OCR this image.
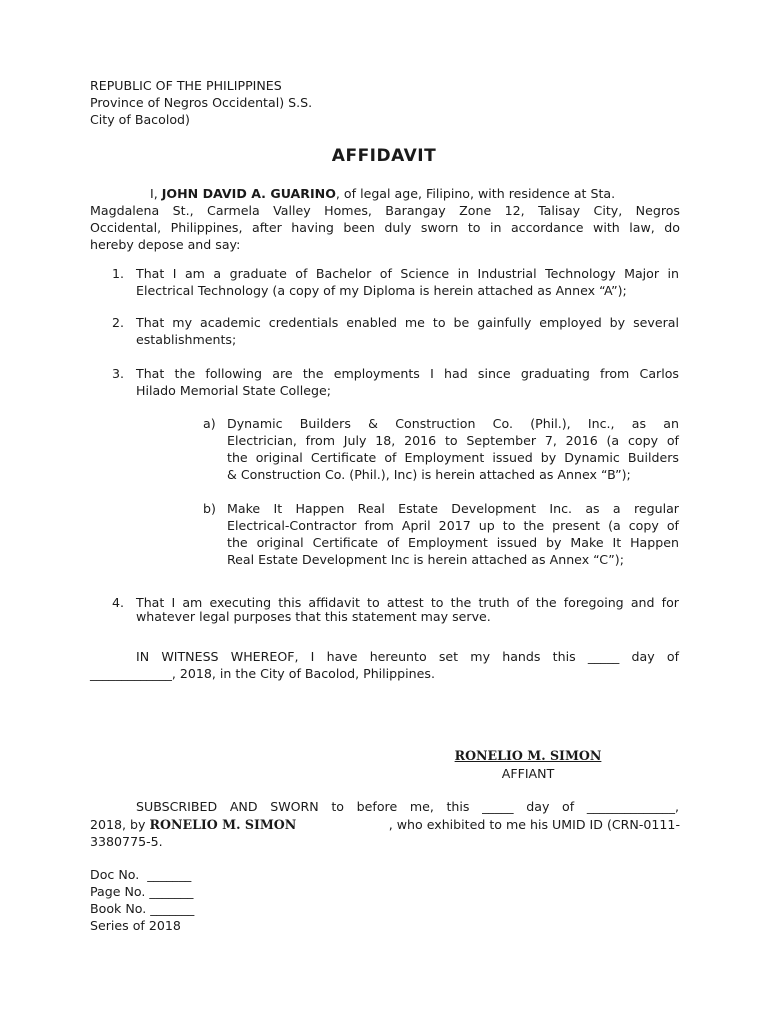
REPUBLIC OF THE PHILIPPINES
Province of Negros Occidental) S.S.
City of Bacolod)
AFFIDAVIT
I, JOHN DAVID A. GUARINO, of legal age, Filipino, with residence at Sta.
Magdalena St., Carmela Valley Homes, Barangay Zone 12, Talisay City, Negros
Occidental, Philippines, after having been duly sworn to in accordance with law, do
hereby depose and say:
1. That I am a graduate of Bachelor of Science in Industrial Technology Major in
Electrical Technology (a copy of my Diploma is herein attached as Annex “A”);
2. That my academic credentials enabled me to be gainfully employed by several
establishments;
3. That the following are the employments I had since graduating from Carlos
Hilado Memorial State College;
a) Dynamic Builders & Construction Co. (Phil.), Inc., as an
Electrician, from July 18, 2016 to September 7, 2016 (a copy of
the original Certificate of Employment issued by Dynamic Builders
& Construction Co. (Phil.), Inc) is herein attached as Annex “B”);
b) Make It Happen Real Estate Development Inc. as a regular
Electrical-Contractor from April 2017 up to the present (a copy of
the original Certificate of Employment issued by Make It Happen
Real Estate Development Inc is herein attached as Annex “C”);
4. That I am executing this affidavit to attest to the truth of the foregoing and for
whatever legal purposes that this statement may serve.
IN WITNESS WHEREOF, I have hereunto set my hands this _____ day of
_____________, 2018, in the City of Bacolod, Philippines.
RONELIO M. SIMON
AFFIANT
SUBSCRIBED AND SWORN to before me, this _____ day of ______________,
2018, by RONELIO M. SIMON	, who exhibited to me his UMID ID (CRN-0111-
3380775-5.
Doc No.  _______
Page No. _______
Book No. _______
Series of 2018
